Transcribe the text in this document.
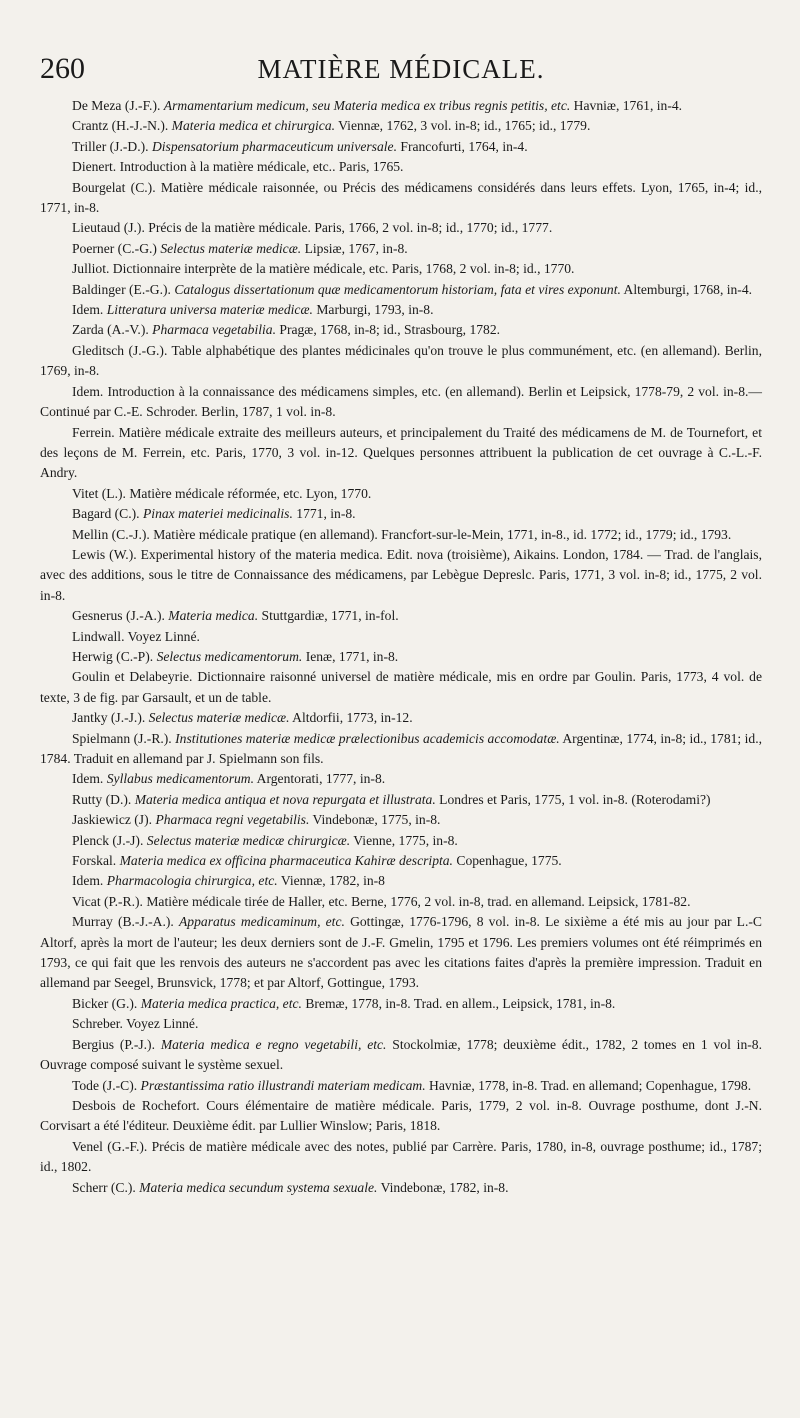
260	MATIÈRE MÉDICALE.

De Meza (J.-F.). Armamentarium medicum, seu Materia medica ex tribus regnis petitis, etc. Havniæ, 1761, in-4.

Crantz (H.-J.-N.). Materia medica et chirurgica. Viennæ, 1762, 3 vol. in-8; id., 1765; id., 1779.

Triller (J.-D.). Dispensatorium pharmaceuticum universale. Francofurti, 1764, in-4.

Dienert. Introduction à la matière médicale, etc.. Paris, 1765.

Bourgelat (C.). Matière médicale raisonnée, ou Précis des médicamens considérés dans leurs effets. Lyon, 1765, in-4; id., 1771, in-8.

Lieutaud (J.). Précis de la matière médicale. Paris, 1766, 2 vol. in-8; id., 1770; id., 1777.

Poerner (C.-G.) Selectus materiæ medicæ. Lipsiæ, 1767, in-8.

Julliot. Dictionnaire interprète de la matière médicale, etc. Paris, 1768, 2 vol. in-8; id., 1770.

Baldinger (E.-G.). Catalogus dissertationum quæ medicamentorum historiam, fata et vires exponunt. Altemburgi, 1768, in-4.

Idem. Litteratura universa materiæ medicæ. Marburgi, 1793, in-8.

Zarda (A.-V.). Pharmaca vegetabilia. Pragæ, 1768, in-8; id., Strasbourg, 1782.

Gleditsch (J.-G.). Table alphabétique des plantes médicinales qu'on trouve le plus communément, etc. (en allemand). Berlin, 1769, in-8.

Idem. Introduction à la connaissance des médicamens simples, etc. (en allemand). Berlin et Leipsick, 1778-79, 2 vol. in-8.— Continué par C.-E. Schroder. Berlin, 1787, 1 vol. in-8.

Ferrein. Matière médicale extraite des meilleurs auteurs, et principalement du Traité des médicamens de M. de Tournefort, et des leçons de M. Ferrein, etc. Paris, 1770, 3 vol. in-12. Quelques personnes attribuent la publication de cet ouvrage à C.-L.-F. Andry.

Vitet (L.). Matière médicale réformée, etc. Lyon, 1770.

Bagard (C.). Pinax materiei medicinalis. 1771, in-8.

Mellin (C.-J.). Matière médicale pratique (en allemand). Francfort-sur-le-Mein, 1771, in-8., id. 1772; id., 1779; id., 1793.

Lewis (W.). Experimental history of the materia medica. Edit. nova (troisième), Aikains. London, 1784. — Trad. de l'anglais, avec des additions, sous le titre de Connaissance des médicamens, par Lebègue Depreslc. Paris, 1771, 3 vol. in-8; id., 1775, 2 vol. in-8.

Gesnerus (J.-A.). Materia medica. Stuttgardiæ, 1771, in-fol.

Lindwall. Voyez Linné.

Herwig (C.-P). Selectus medicamentorum. Ienæ, 1771, in-8.

Goulin et Delabeyrie. Dictionnaire raisonné universel de matière médicale, mis en ordre par Goulin. Paris, 1773, 4 vol. de texte, 3 de fig. par Garsault, et un de table.

Jantky (J.-J.). Selectus materiæ medicæ. Altdorfii, 1773, in-12.

Spielmann (J.-R.). Institutiones materiæ medicæ prælectionibus academicis accomodatæ. Argentinæ, 1774, in-8; id., 1781; id., 1784. Traduit en allemand par J. Spielmann son fils.

Idem. Syllabus medicamentorum. Argentorati, 1777, in-8.

Rutty (D.). Materia medica antiqua et nova repurgata et illustrata. Londres et Paris, 1775, 1 vol. in-8. (Roterodami?)

Jaskiewicz (J). Pharmaca regni vegetabilis. Vindebonæ, 1775, in-8.

Plenck (J.-J). Selectus materiæ medicæ chirurgicæ. Vienne, 1775, in-8.

Forskal. Materia medica ex officina pharmaceutica Kahiræ descripta. Copenhague, 1775.

Idem. Pharmacologia chirurgica, etc. Viennæ, 1782, in-8

Vicat (P.-R.). Matière médicale tirée de Haller, etc. Berne, 1776, 2 vol. in-8, trad. en allemand. Leipsick, 1781-82.

Murray (B.-J.-A.). Apparatus medicaminum, etc. Gottingæ, 1776-1796, 8 vol. in-8. Le sixième a été mis au jour par L.-C Altorf, après la mort de l'auteur; les deux derniers sont de J.-F. Gmelin, 1795 et 1796. Les premiers volumes ont été réimprimés en 1793, ce qui fait que les renvois des auteurs ne s'accordent pas avec les citations faites d'après la première impression. Traduit en allemand par Seegel, Brunsvick, 1778; et par Altorf, Gottingue, 1793.

Bicker (G.). Materia medica practica, etc. Bremæ, 1778, in-8. Trad. en allem., Leipsick, 1781, in-8.

Schreber. Voyez Linné.

Bergius (P.-J.). Materia medica e regno vegetabili, etc. Stockolmiæ, 1778; deuxième édit., 1782, 2 tomes en 1 vol in-8. Ouvrage composé suivant le système sexuel.

Tode (J.-C). Præstantissima ratio illustrandi materiam medicam. Havniæ, 1778, in-8. Trad. en allemand; Copenhague, 1798.

Desbois de Rochefort. Cours élémentaire de matière médicale. Paris, 1779, 2 vol. in-8. Ouvrage posthume, dont J.-N. Corvisart a été l'éditeur. Deuxième édit. par Lullier Winslow; Paris, 1818.

Venel (G.-F.). Précis de matière médicale avec des notes, publié par Carrère. Paris, 1780, in-8, ouvrage posthume; id., 1787; id., 1802.

Scherr (C.). Materia medica secundum systema sexuale. Vindebonæ, 1782, in-8.
